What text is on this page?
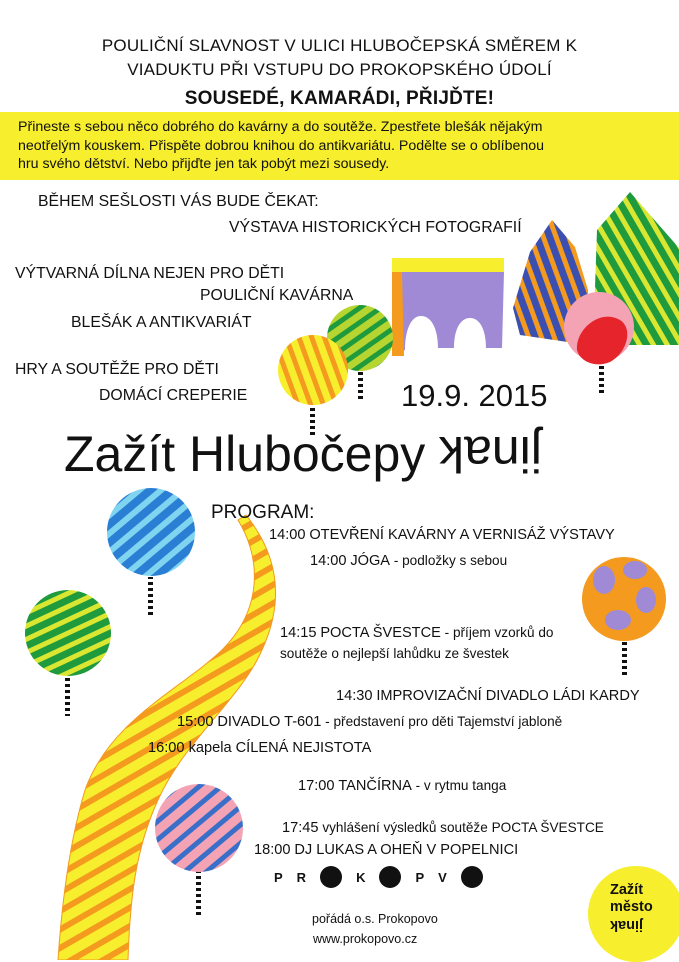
POULIČNÍ SLAVNOST V ULICI HLUBOČEPSKÁ SMĚREM K
VIADUKTU PŘI VSTUPU DO PROKOPSKÉHO ÚDOLÍ
SOUSEDÉ, KAMARÁDI, PŘIJĎTE!
Přineste s sebou něco dobrého do kavárny a do soutěže. Zpestřete blešák nějakým
neotřelým kouskem. Přispěte dobrou knihou do antikvariátu. Podělte se o oblíbenou
hru svého dětství. Nebo přijďte jen tak pobýt mezi sousedy.
BĚHEM SEŠLOSTI VÁS BUDE ČEKAT:
VÝSTAVA HISTORICKÝCH FOTOGRAFIÍ
VÝTVARNÁ DÍLNA NEJEN PRO DĚTI
POULIČNÍ KAVÁRNA
BLEŠÁK A ANTIKVARIÁT
HRY A SOUTĚŽE PRO DĚTI
DOMÁCÍ CREPERIE	19.9. 2015
Zažít Hlubočepy jinak
PROGRAM:
14:00 OTEVŘENÍ KAVÁRNY A VERNISÁŽ VÝSTAVY
14:00 JÓGA - podložky s sebou
14:15 POCTA ŠVESTCE - příjem vzorků do
soutěže o nejlepší lahůdku ze švestek
14:30 IMPROVIZAČNÍ DIVADLO LÁDI KARDY
15:00 DIVADLO T-601 - představení pro děti Tajemství jabloně
16:00 kapela CÍLENÁ NEJISTOTA
17:00 TANČÍRNA - v rytmu tanga
17:45 vyhlášení výsledků soutěže POCTA ŠVESTCE
18:00 DJ LUKAS A OHEŇ V POPELNICI
P R	K	P V
pořádá o.s. Prokopovo
www.prokopovo.cz
Zažít
město
jinak
